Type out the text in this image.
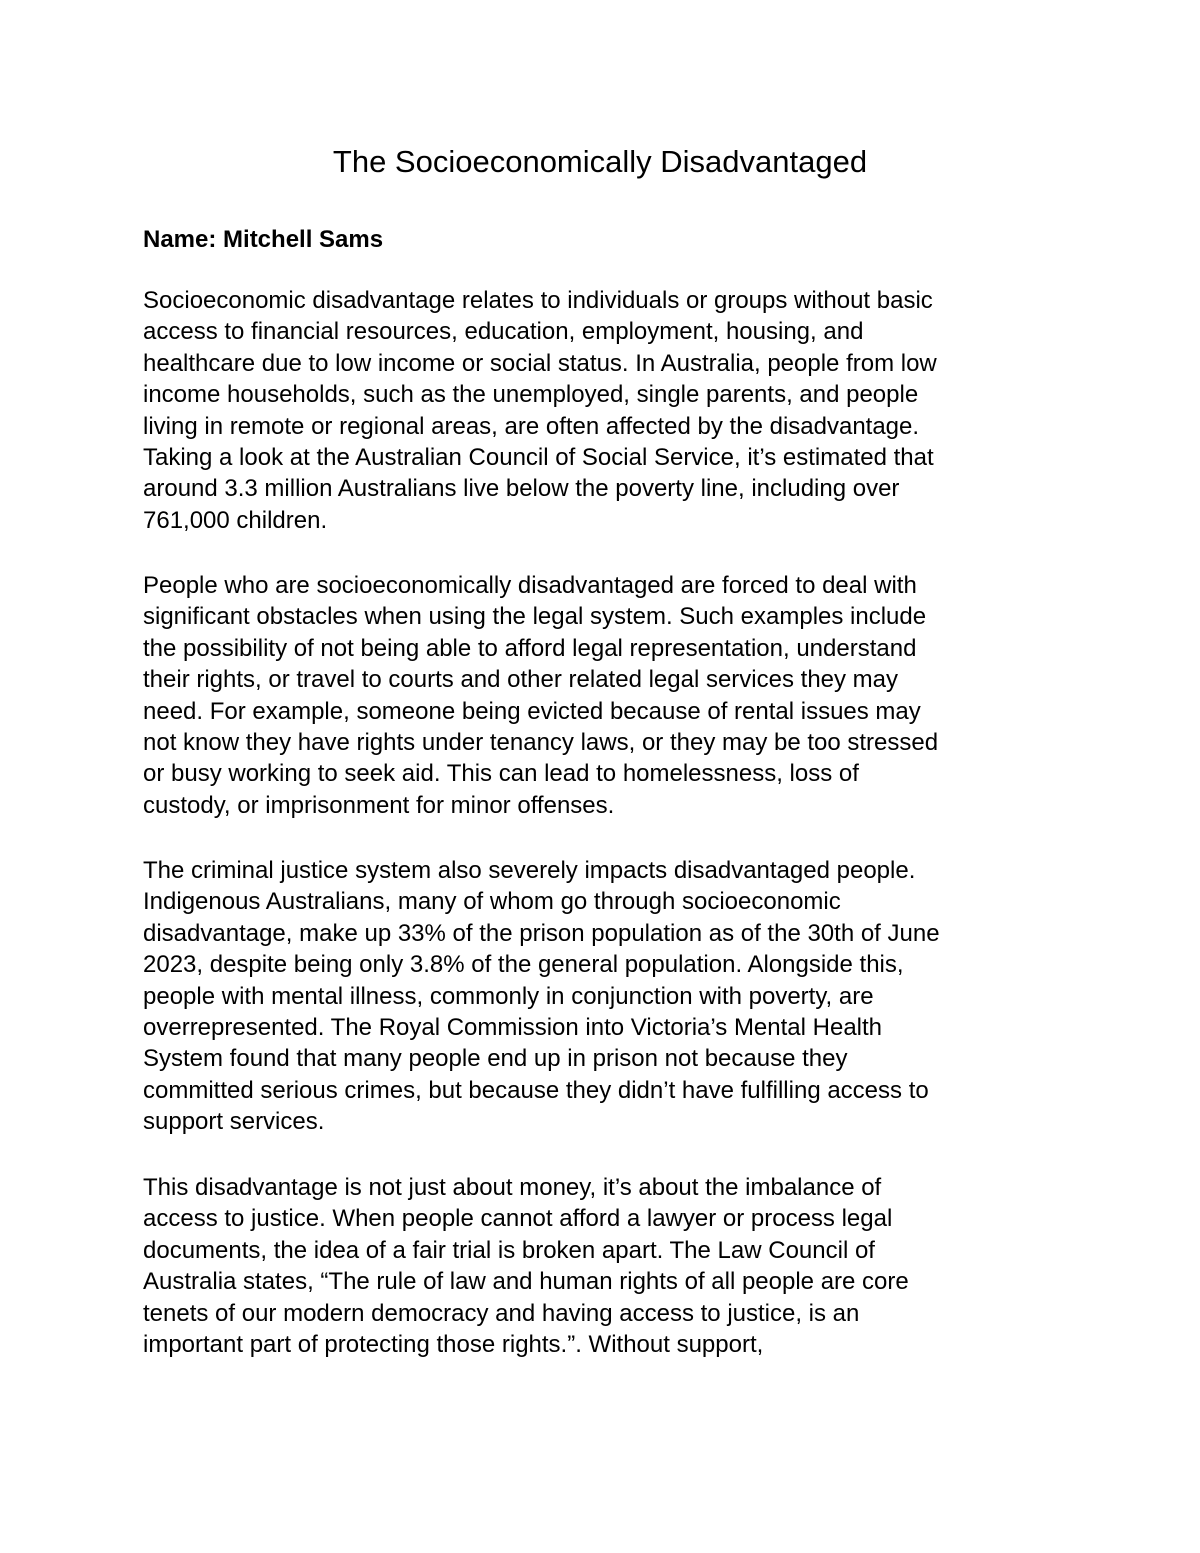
The Socioeconomically Disadvantaged

Name: Mitchell Sams

Socioeconomic disadvantage relates to individuals or groups without basic
access to financial resources, education, employment, housing, and
healthcare due to low income or social status. In Australia, people from low
income households, such as the unemployed, single parents, and people
living in remote or regional areas, are often affected by the disadvantage.
Taking a look at the Australian Council of Social Service, it’s estimated that
around 3.3 million Australians live below the poverty line, including over
761,000 children.

People who are socioeconomically disadvantaged are forced to deal with
significant obstacles when using the legal system. Such examples include
the possibility of not being able to afford legal representation, understand
their rights, or travel to courts and other related legal services they may
need. For example, someone being evicted because of rental issues may
not know they have rights under tenancy laws, or they may be too stressed
or busy working to seek aid. This can lead to homelessness, loss of
custody, or imprisonment for minor offenses.

The criminal justice system also severely impacts disadvantaged people.
Indigenous Australians, many of whom go through socioeconomic
disadvantage, make up 33% of the prison population as of the 30th of June
2023, despite being only 3.8% of the general population. Alongside this,
people with mental illness, commonly in conjunction with poverty, are
overrepresented. The Royal Commission into Victoria’s Mental Health
System found that many people end up in prison not because they
committed serious crimes, but because they didn’t have fulfilling access to
support services.

This disadvantage is not just about money, it’s about the imbalance of
access to justice. When people cannot afford a lawyer or process legal
documents, the idea of a fair trial is broken apart. The Law Council of
Australia states, “The rule of law and human rights of all people are core
tenets of our modern democracy and having access to justice, is an
important part of protecting those rights.”. Without support,
